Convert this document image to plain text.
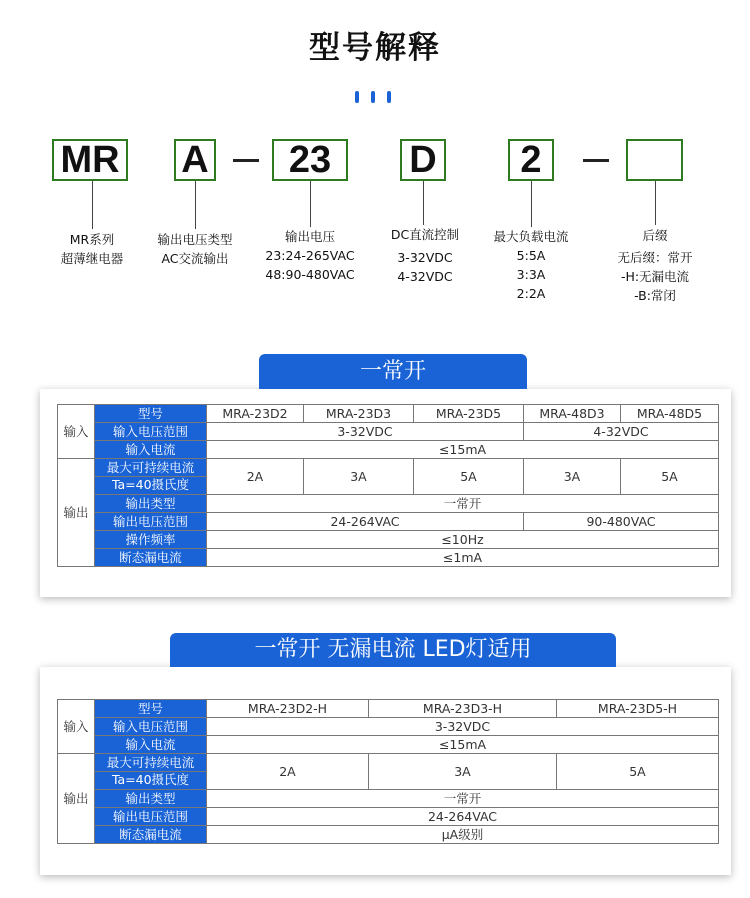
型号解释
MR A	23	D	2
MR系列
超薄继电器
输出电压类型
AC交流输出
输出电压
23:24-265VAC
48:90-480VAC
DC直流控制
3-32VDC
4-32VDC
最大负载电流
5:5A
3:3A
2:2A
后缀
无后缀：常开
-H:无漏电流
-B:常闭
一常开
输入	型号	MRA-23D2	MRA-23D3	MRA-23D5	MRA-48D3	MRA-48D5
	输入电压范围	3-32VDC			4-32VDC	
	输入电流	≤15mA				
输出	最大可持续电流
Ta=40摄氏度	2A	3A	5A	3A	5A
	输出类型	一常开				
	输出电压范围	24-264VAC			90-480VAC	
	操作频率	≤10Hz				
	断态漏电流	≤1mA				
一常开 无漏电流 LED灯适用
输入	型号	MRA-23D2-H	MRA-23D3-H	MRA-23D5-H
	输入电压范围	3-32VDC		
	输入电流	≤15mA		
输出	最大可持续电流
Ta=40摄氏度	2A	3A	5A
	输出类型	一常开		
	输出电压范围	24-264VAC		
	断态漏电流	μA级别		
